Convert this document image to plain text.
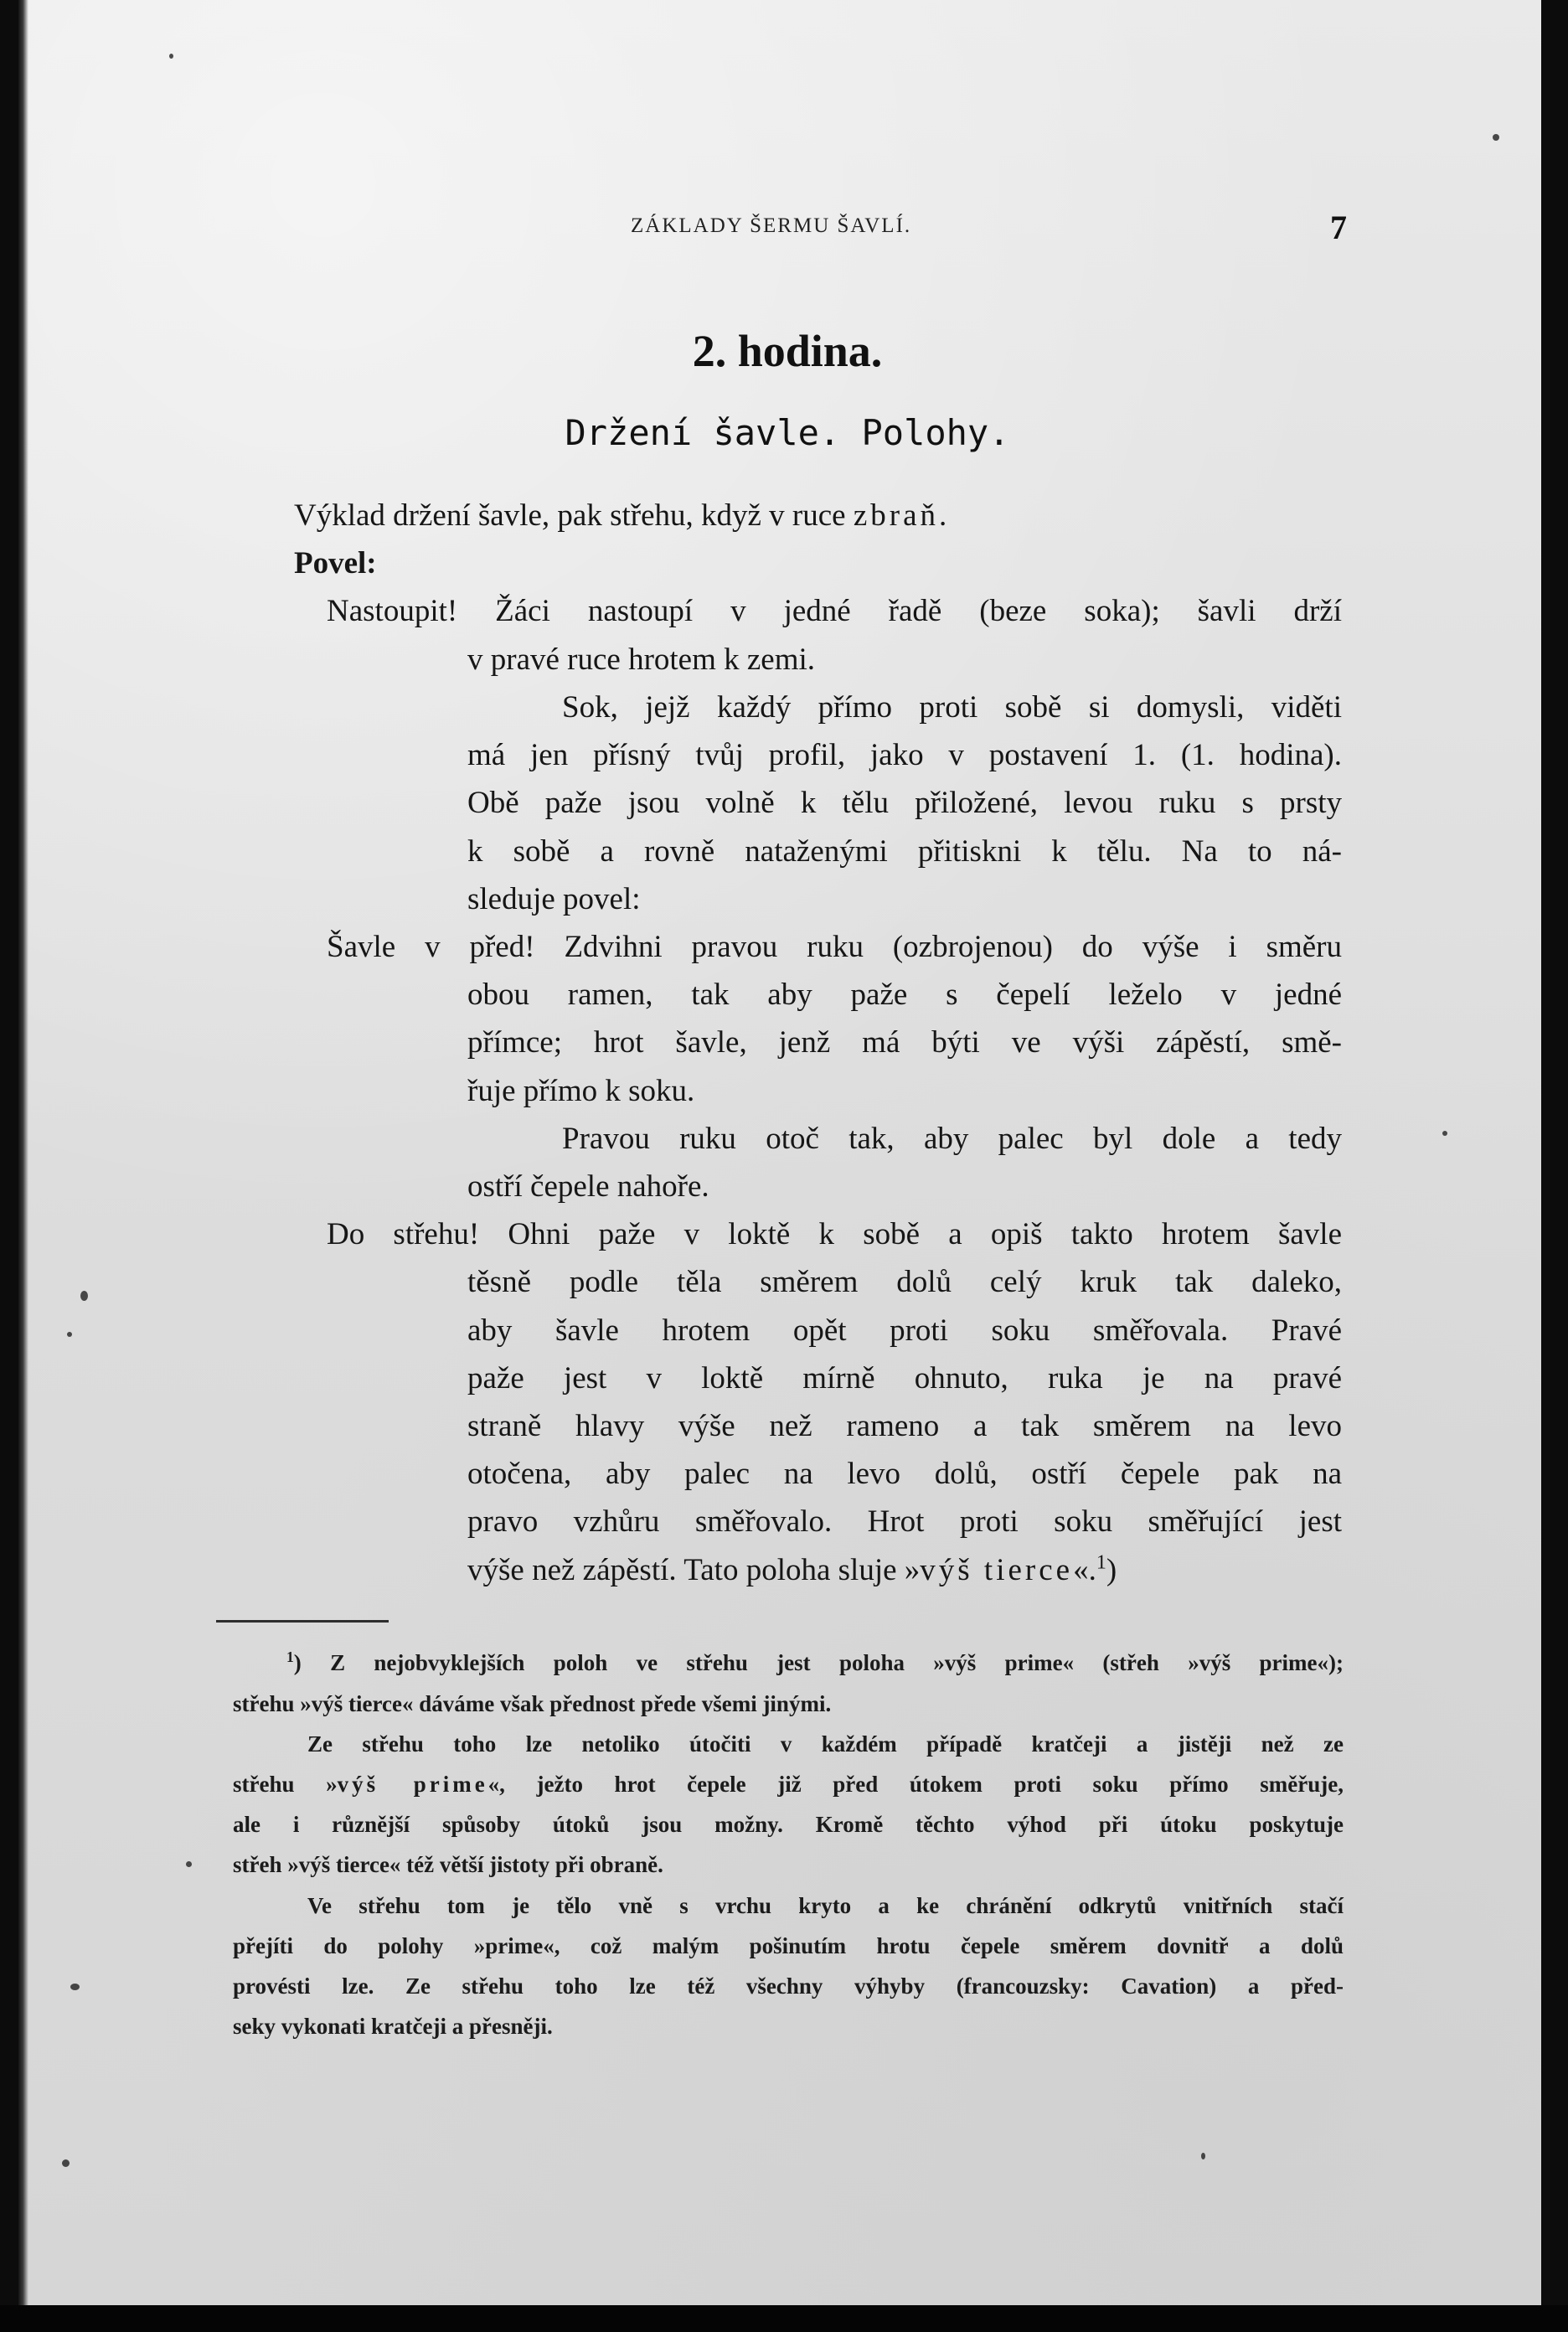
ZÁKLADY ŠERMU ŠAVLÍ.	7
2. hodina.
Držení šavle. Polohy.
Výklad držení šavle, pak střehu, když v ruce zbraň.
Povel:
Nastoupit! Žáci nastoupí v jedné řadě (beze soka); šavli drží
v pravé ruce hrotem k zemi.
Sok, jejž každý přímo proti sobě si domysli, viděti
má jen přísný tvůj profil, jako v postavení 1. (1. hodina).
Obě paže jsou volně k tělu přiložené, levou ruku s prsty
k sobě a rovně nataženými přitiskni k tělu. Na to ná-
sleduje povel:
Šavle v před! Zdvihni pravou ruku (ozbrojenou) do výše i směru
obou ramen, tak aby paže s čepelí leželo v jedné
přímce; hrot šavle, jenž má býti ve výši zápěstí, smě-
řuje přímo k soku.
Pravou ruku otoč tak, aby palec byl dole a tedy
ostří čepele nahoře.
Do střehu! Ohni paže v loktě k sobě a opiš takto hrotem šavle
těsně podle těla směrem dolů celý kruk tak daleko,
aby šavle hrotem opět proti soku směřovala. Pravé
paže jest v loktě mírně ohnuto, ruka je na pravé
straně hlavy výše než rameno a tak směrem na levo
otočena, aby palec na levo dolů, ostří čepele pak na
pravo vzhůru směřovalo. Hrot proti soku směřující jest
výše než zápěstí. Tato poloha sluje »výš tierce«.$^1$)
$^1$) Z nejobvyklejších poloh ve střehu jest poloha »výš prime« (střeh »výš prime«);
střehu »výš tierce« dáváme však přednost přede všemi jinými.
Ze střehu toho lze netoliko útočiti v každém případě kratčeji a jistěji než ze
střehu »výš prime«, ježto hrot čepele již před útokem proti soku přímo směřuje,
ale i různější spůsoby útoků jsou možny. Kromě těchto výhod při útoku poskytuje
střeh »výš tierce« též větší jistoty při obraně.
Ve střehu tom je tělo vně s vrchu kryto a ke chránění odkrytů vnitřních stačí
přejíti do polohy »prime«, což malým pošinutím hrotu čepele směrem dovnitř a dolů
provésti lze. Ze střehu toho lze též všechny výhyby (francouzsky: Cavation) a před-
seky vykonati kratčeji a přesněji.
